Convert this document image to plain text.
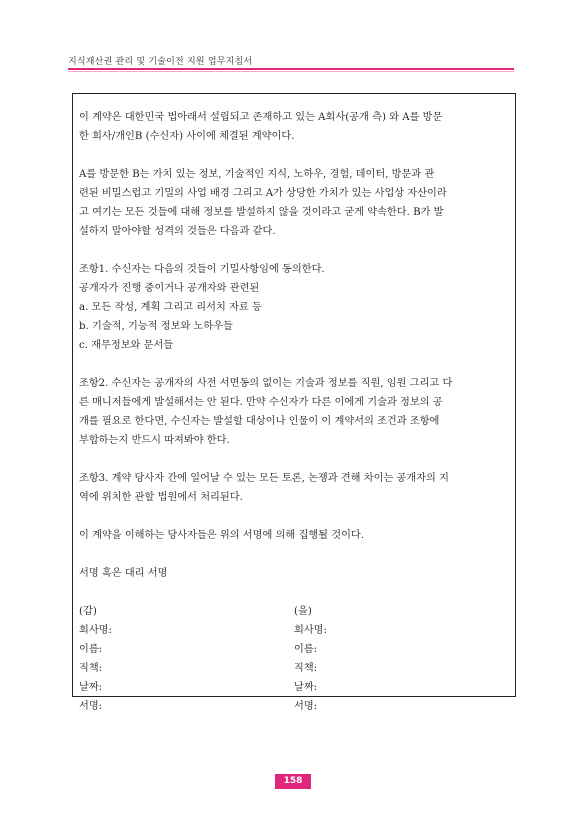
지식재산권 관리 및 기술이전 지원 업무지침서
이 계약은 대한민국 법아래서 설립되고 존재하고 있는 A회사(공개 측) 와 A를 방문
한 회사/개인B (수신자) 사이에 체결된 계약이다.
A를 방문한 B는 가치 있는 정보, 기술적인 지식, 노하우, 경험, 데이터, 방문과 관
련된 비밀스럽고 기밀의 사업 배경 그리고 A가 상당한 가치가 있는 사업상 자산이라
고 여기는 모든 것들에 대해 정보를 발설하지 않을 것이라고 굳게 약속한다. B가 발
설하지 말아야할 성격의 것들은 다음과 같다.
조항1. 수신자는 다음의 것들이 기밀사항임에 동의한다.
공개자가 진행 중이거나 공개자와 관련된
a. 모든 작성, 계획 그리고 리서치 자료 등
b. 기술적, 기능적 정보와 노하우들
c. 재무정보와 문서들
조항2. 수신자는 공개자의 사전 서면동의 없이는 기술과 정보를 직원, 임원 그리고 다
른 매니저들에게 발설해서는 안 된다. 만약 수신자가 다른 이에게 기술과 정보의 공
개를 필요로 한다면, 수신자는 발설할 대상이나 인물이 이 계약서의 조건과 조항에
부합하는지 반드시 따져봐야 한다.
조항3. 계약 당사자 간에 일어날 수 있는 모든 토론, 논쟁과 견해 차이는 공개자의 지
역에 위치한 관할 법원에서 처리된다.
이 계약을 이해하는 당사자들은 위의 서명에 의해 집행될 것이다.
서명 혹은 대리 서명
(갑)	(을)
회사명:	회사명:
이름:	이름:
직책:	직책:
날짜:	날짜:
서명:	서명:
158
